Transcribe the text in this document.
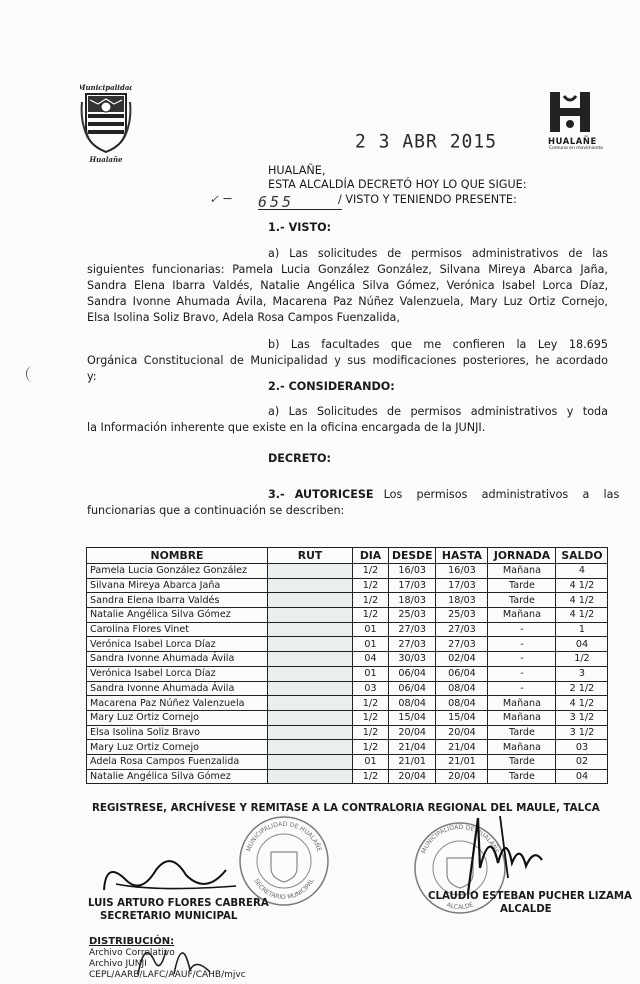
Municipalidad
Hualañe
HUALAÑE
Comuna en movimiento
2 3 ABR 2015
HUALAÑE,
ESTA ALCALDÍA DECRETÓ HOY LO QUE SIGUE:
✓ ─ 655	/ VISTO Y TENIENDO PRESENTE:
1.- VISTO:
a) Las solicitudes de permisos administrativos de las
siguientes funcionarias: Pamela Lucia González González, Silvana Mireya Abarca Jaña,
Sandra Elena Ibarra Valdés, Natalie Angélica Silva Gómez, Verónica Isabel Lorca Díaz,
Sandra Ivonne Ahumada Ávila, Macarena Paz Núñez Valenzuela, Mary Luz Ortiz Cornejo,
Elsa Isolina Soliz Bravo, Adela Rosa Campos Fuenzalida,
b) Las facultades que me confieren la Ley 18.695
Orgánica Constitucional de Municipalidad y sus modificaciones posteriores, he acordado
y:
2.- CONSIDERANDO:
a) Las Solicitudes de permisos administrativos y toda
la Información inherente que existe en la oficina encargada de la JUNJI.
DECRETO:
3.- AUTORICESE Los    permisos    administrativos    a    las
funcionarias que a continuación se describen:
NOMBRE	RUT	DIA	DESDE	HASTA	JORNADA	SALDO
Pamela Lucia González González		1/2	16/03	16/03	Mañana	4
Silvana Mireya Abarca Jaña		1/2	17/03	17/03	Tarde	4 1/2
Sandra Elena Ibarra Valdés		1/2	18/03	18/03	Tarde	4 1/2
Natalie Angélica Silva Gómez		1/2	25/03	25/03	Mañana	4 1/2
Carolina Flores Vinet		01	27/03	27/03	-	1
Verónica Isabel Lorca Díaz		01	27/03	27/03	-	04
Sandra Ivonne Ahumada Ávila		04	30/03	02/04	-	1/2
Verónica Isabel Lorca Díaz		01	06/04	06/04	-	3
Sandra Ivonne Ahumada Ávila		03	06/04	08/04	-	2 1/2
Macarena Paz Núñez Valenzuela		1/2	08/04	08/04	Mañana	4 1/2
Mary Luz Ortiz Cornejo		1/2	15/04	15/04	Mañana	3 1/2
Elsa Isolina Soliz Bravo		1/2	20/04	20/04	Tarde	3 1/2
Mary Luz Ortiz Cornejo		1/2	21/04	21/04	Mañana	03
Adela Rosa Campos Fuenzalida		01	21/01	21/01	Tarde	02
Natalie Angélica Silva Gómez		1/2	20/04	20/04	Tarde	04
REGISTRESE, ARCHÍVESE Y REMITASE A LA CONTRALORIA REGIONAL DEL MAULE, TALCA
MUNICIPALIDAD DE HUALAÑE
SECRETARIO MUNICIPAL
MUNICIPALIDAD DE HUALAÑE
ALCALDE
LUIS ARTURO FLORES CABRERA
SECRETARIO MUNICIPAL
CLAUDIO ESTEBAN PUCHER LIZAMA
ALCALDE
DISTRIBUCIÓN:
Archivo Correlativo
Archivo JUNJI
CEPL/AARB/LAFC/AAUF/CAHB/mjvc
